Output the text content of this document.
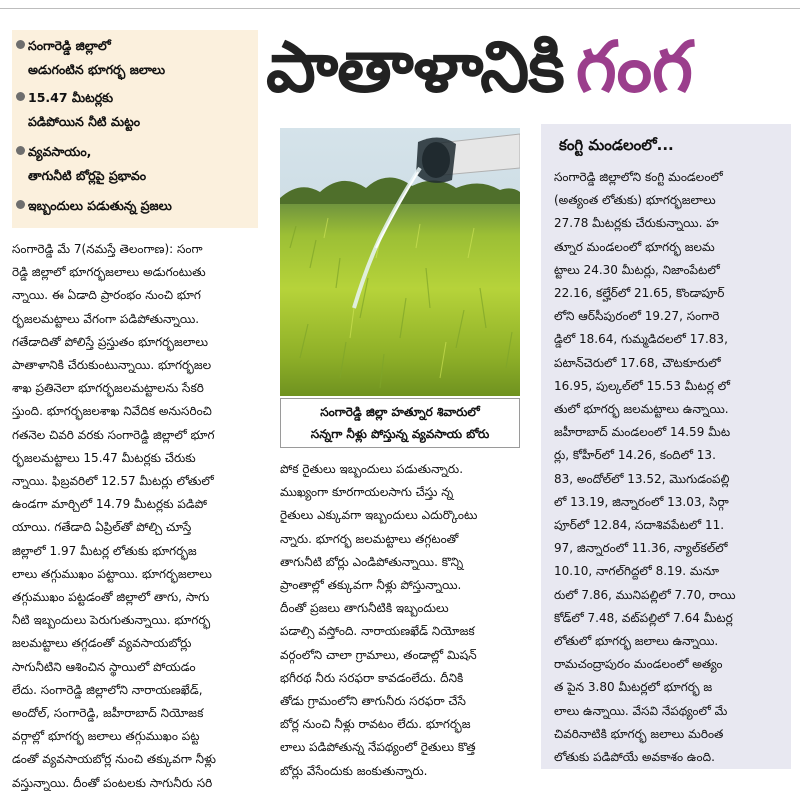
సంగారెడ్డి జిల్లాలో
అడుగంటిన భూగర్భ జలాలు
15.47 మీటర్లకు
పడిపోయిన నీటి మట్టం
వ్యవసాయం,
తాగునీటి బోర్లపై ప్రభావం
ఇబ్బందులు పడుతున్న ప్రజలు
పాతాళానికి గంగ
సంగారెడ్డి జిల్లా హత్నూర శివారులో
సన్నగా నీళ్లు పోస్తున్న వ్యవసాయ బోరు
సంగారెడ్డి మే 7(నమస్తే తెలంగాణ): సంగా
రెడ్డి జిల్లాలో భూగర్భజలాలు అడుగంటుతు
న్నాయి. ఈ ఏడాది ప్రారంభం నుంచి భూగ
ర్భజలమట్టాలు వేగంగా పడిపోతున్నాయి.
గతేడాదితో పోలిస్తే ప్రస్తుతం భూగర్భజలాలు
పాతాళానికి చేరుకుంటున్నాయి. భూగర్భజల
శాఖ ప్రతినెలా భూగర్భజలమట్టాలను సేకరి
స్తుంది. భూగర్భజలశాఖ నివేదిక అనుసరించి
గతనెల చివరి వరకు సంగారెడ్డి జిల్లాలో భూగ
ర్భజలమట్టాలు 15.47 మీటర్లకు చేరుకు
న్నాయి. ఫిబ్రవరిలో 12.57 మీటర్లు లోతులో
ఉండగా మార్చిలో 14.79 మీటర్లకు పడిపో
యాయి. గతేడాది ఏప్రిల్‌తో పోల్చి చూస్తే
జిల్లాలో 1.97 మీటర్ల లోతుకు భూగర్భజ
లాలు తగ్గుముఖం పట్టాయి. భూగర్భజలాలు
తగ్గుముఖం పట్టడంతో జిల్లాలో తాగు, సాగు
నీటి ఇబ్బందులు పెరుగుతున్నాయి. భూగర్భ
జలమట్టాలు తగ్గడంతో వ్యవసాయబోర్లు
సాగునీటిని ఆశించిన స్థాయిలో పోయడం
లేదు. సంగారెడ్డి జిల్లాలోని నారాయణఖేడ్,
అందోల్, సంగారెడ్డి, జహీరాబాద్ నియోజక
వర్గాల్లో భూగర్భ జలాలు తగ్గుముఖం పట్ట
డంతో వ్యవసాయబోర్ల నుంచి తక్కువగా నీళ్లు
వస్తున్నాయి. దీంతో పంటలకు సాగునీరు సరి
పోక రైతులు ఇబ్బందులు పడుతున్నారు.
ముఖ్యంగా కూరగాయలసాగు చేస్తు న్న
రైతులు ఎక్కువగా ఇబ్బందులు ఎదుర్కొంటు
న్నారు. భూగర్భ జలమట్టాలు తగ్గటంతో
తాగునీటి బోర్లు ఎండిపోతున్నాయి. కొన్ని
ప్రాంతాల్లో తక్కువగా నీళ్లు పోస్తున్నాయి.
దీంతో ప్రజలు తాగునీటికి ఇబ్బందులు
పడాల్సి వస్తోంది. నారాయణఖేడ్ నియోజక
వర్గంలోని చాలా గ్రామాలు, తండాల్లో మిషన్
భగీరథ నీరు సరఫరా కావడంలేదు. దీనికి
తోడు గ్రామంలోని తాగునీరు సరఫరా చేసే
బోర్ల నుంచి నీళ్లు రావటం లేదు. భూగర్భజ
లాలు పడిపోతున్న నేపథ్యంలో రైతులు కొత్త
బోర్లు వేసేందుకు జంకుతున్నారు.
కంగ్టి మండలంలో...
సంగారెడ్డి జిల్లాలోని కంగ్టి మండలంలో
(అత్యంత లోతుకు) భూగర్భజలాలు
27.78 మీటర్లకు చేరుకున్నాయి. హ
త్నూర మండలంలో భూగర్భ జలమ
ట్టాలు 24.30 మీటర్లు, నిజాంపేటలో
22.16, కల్హేర్‌లో 21.65, కొండాపూర్
లోని ఆర్‌సీపురంలో 19.27, సంగారె
డ్డిలో 18.64, గుమ్మడిదలలో 17.83,
పటాన్‌చెరులో 17.68, చౌటకూరులో
16.95, పుల్కల్‌లో 15.53 మీటర్ల లో
తులో భూగర్భ జలమట్టాలు ఉన్నాయి.
జహీరాబాద్ మండలంలో 14.59 మీట
ర్లు, కోహీర్‌లో 14.26, కంది‌లో 13.
83, అందోల్‌లో 13.52, మొగుడంపల్లి
లో 13.19, జిన్నారంలో 13.03, సిర్గా
పూర్‌లో 12.84, సదాశివపేటలో 11.
97, జిన్నారంలో 11.36, న్యాల్‌కల్‌లో
10.10, నాగల్‌గిద్దలో 8.19. మనూ
రులో 7.86, మునిపల్లిలో 7.70, రాయి
కోడ్‌లో 7.48, వట్‌పల్లిలో 7.64 మీటర్ల
లోతులో భూగర్భ జలాలు ఉన్నాయి.
రామచంద్రాపురం మండలంలో అత్యం
త పైన 3.80 మీటర్లలో భూగర్భ జ
లాలు ఉన్నాయి. వేసవి నేపథ్యంలో మే
చివరినాటికి భూగర్భ జలాలు మరింత
లోతుకు పడిపోయే అవకాశం ఉంది.
